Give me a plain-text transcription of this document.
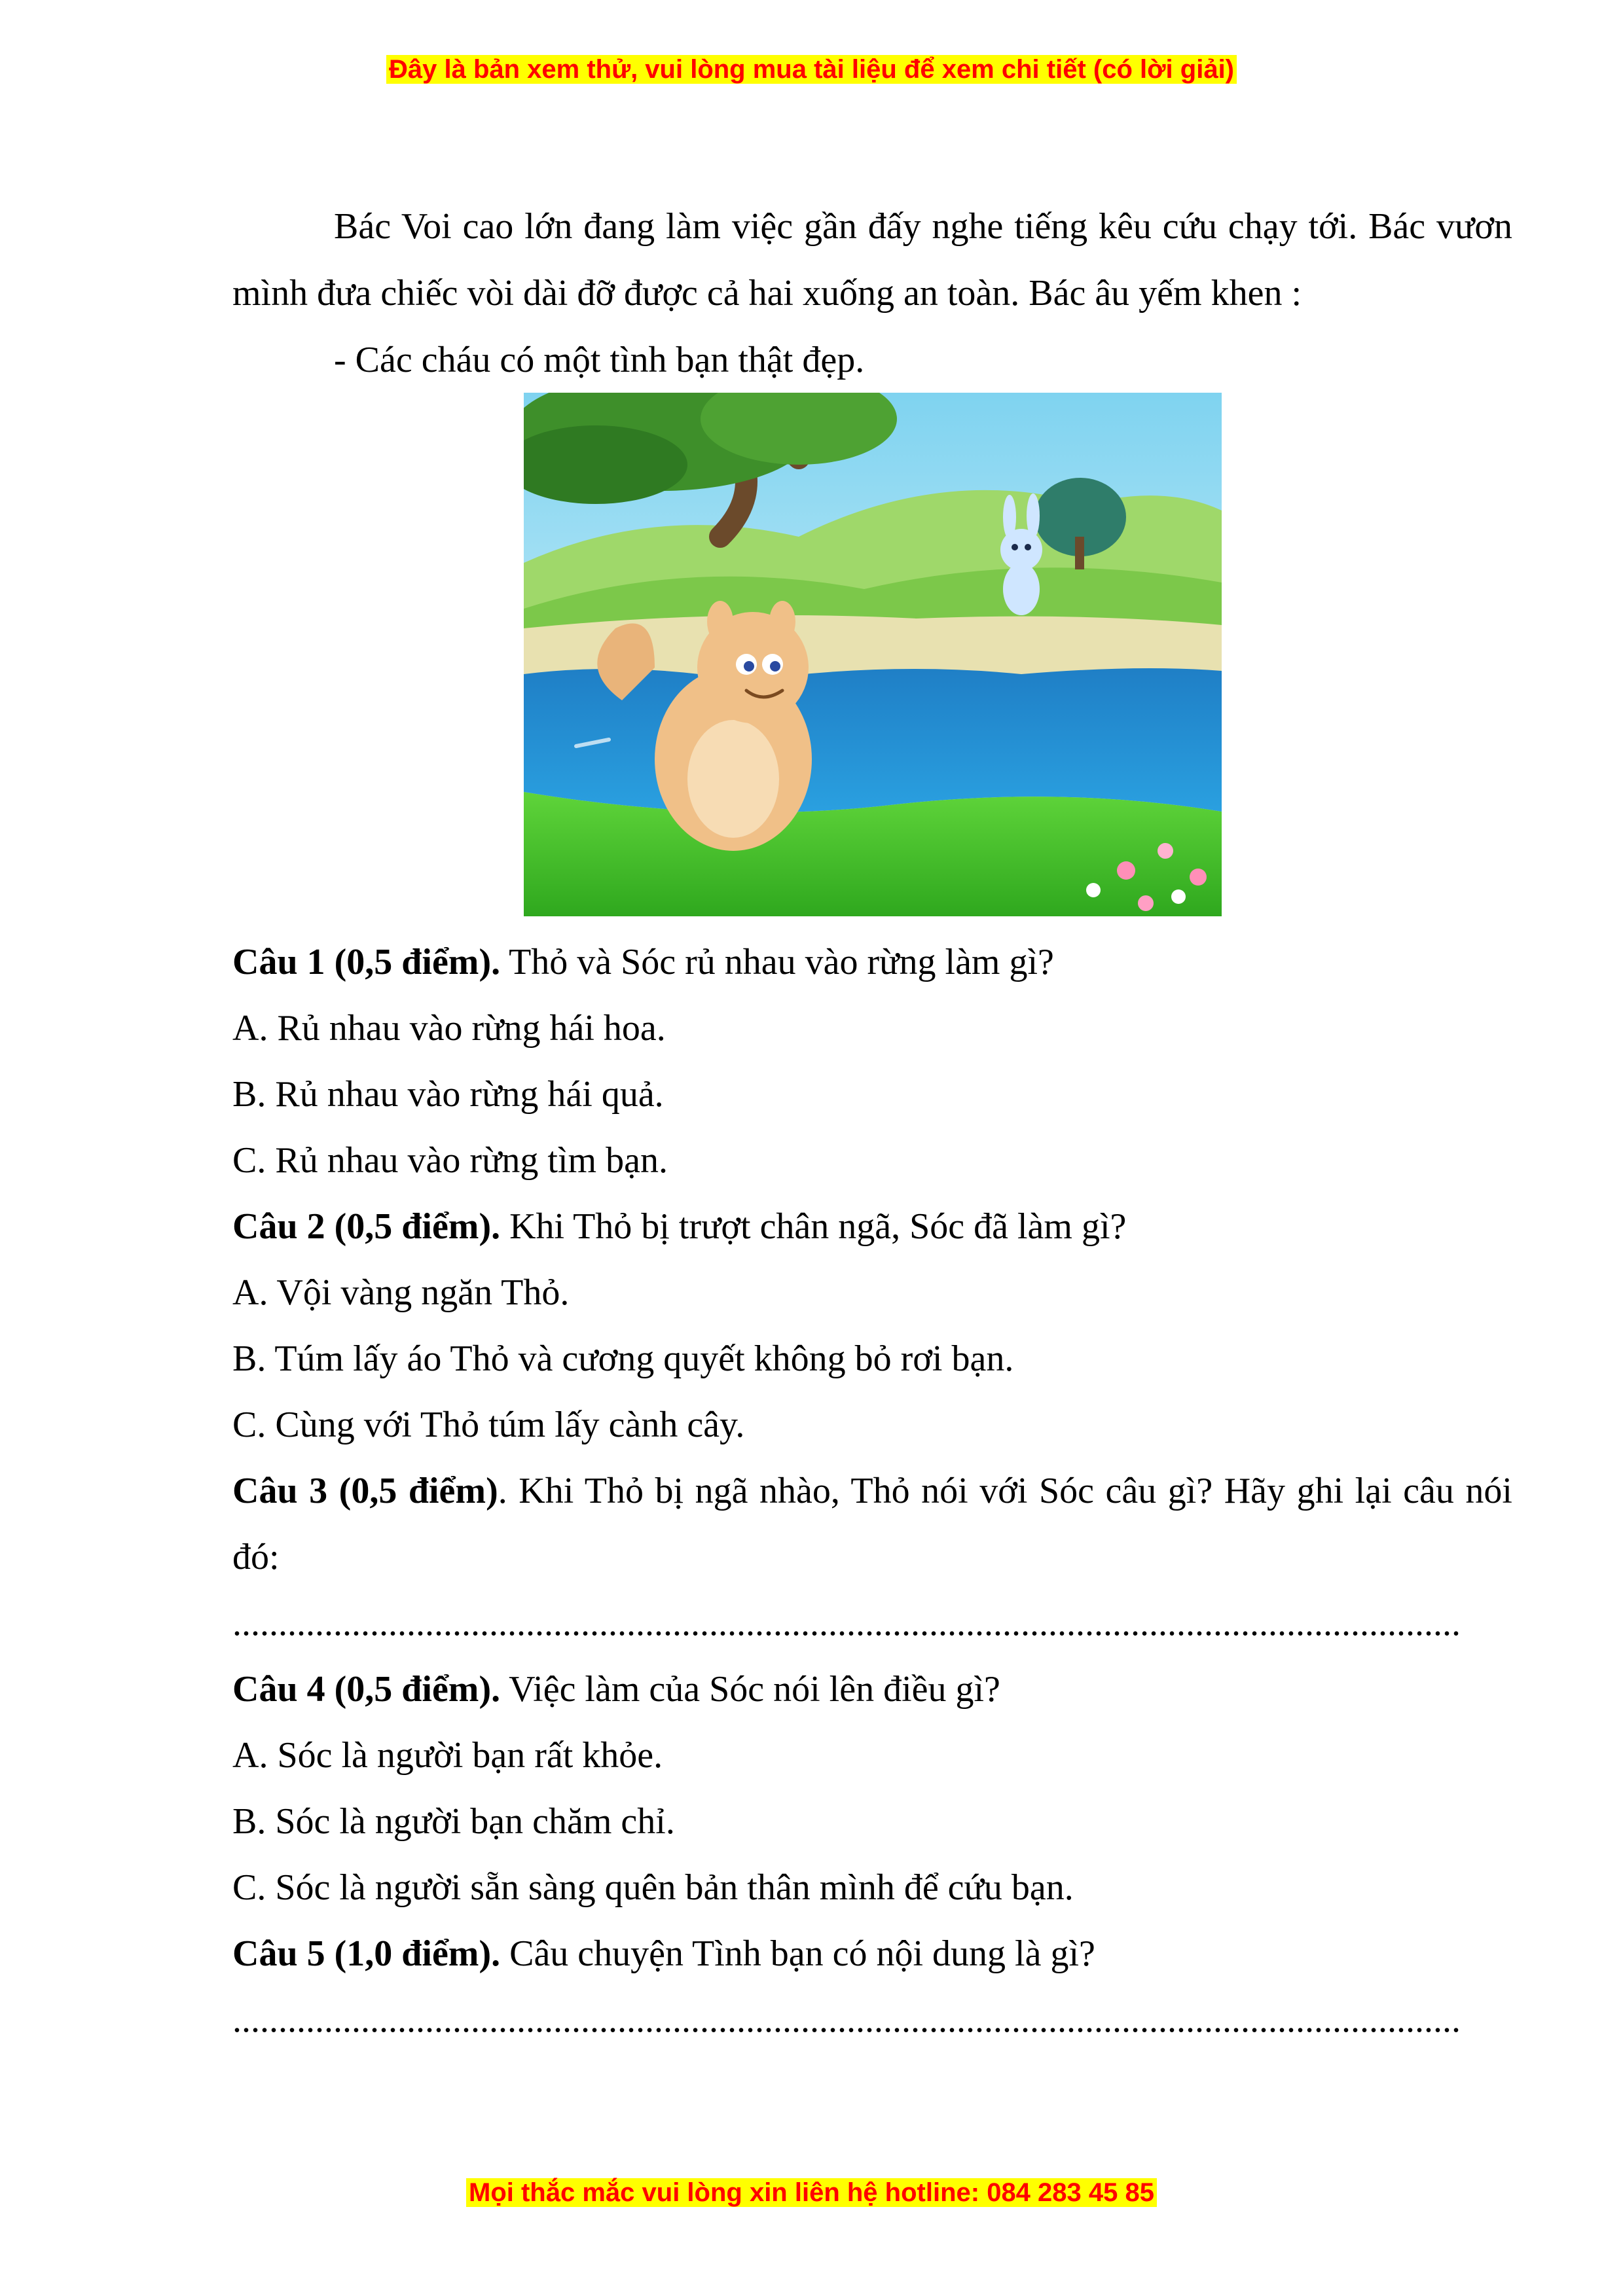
Đây là bản xem thử, vui lòng mua tài liệu để xem chi tiết (có lời giải)

Bác Voi cao lớn đang làm việc gần đấy nghe tiếng kêu cứu chạy tới. Bác vươn mình đưa chiếc vòi dài đỡ được cả hai xuống an toàn. Bác âu yếm khen :

- Các cháu có một tình bạn thật đẹp.

Câu 1 (0,5 điểm). Thỏ và Sóc rủ nhau vào rừng làm gì?
A. Rủ nhau vào rừng hái hoa.
B. Rủ nhau vào rừng hái quả.
C. Rủ nhau vào rừng tìm bạn.
Câu 2 (0,5 điểm). Khi Thỏ bị trượt chân ngã, Sóc đã làm gì?
A. Vội vàng ngăn Thỏ.
B. Túm lấy áo Thỏ và cương quyết không bỏ rơi bạn.
C. Cùng với Thỏ túm lấy cành cây.
Câu 3 (0,5 điểm). Khi Thỏ bị ngã nhào, Thỏ nói với Sóc câu gì? Hãy ghi lại câu nói đó:
......................................................................................................................................
Câu 4 (0,5 điểm). Việc làm của Sóc nói lên điều gì?
A. Sóc là người bạn rất khỏe.
B. Sóc là người bạn chăm chỉ.
C. Sóc là người sẵn sàng quên bản thân mình để cứu bạn.
Câu 5 (1,0 điểm). Câu chuyện Tình bạn có nội dung là gì?
......................................................................................................................................
Mọi thắc mắc vui lòng xin liên hệ hotline: 084 283 45 85
